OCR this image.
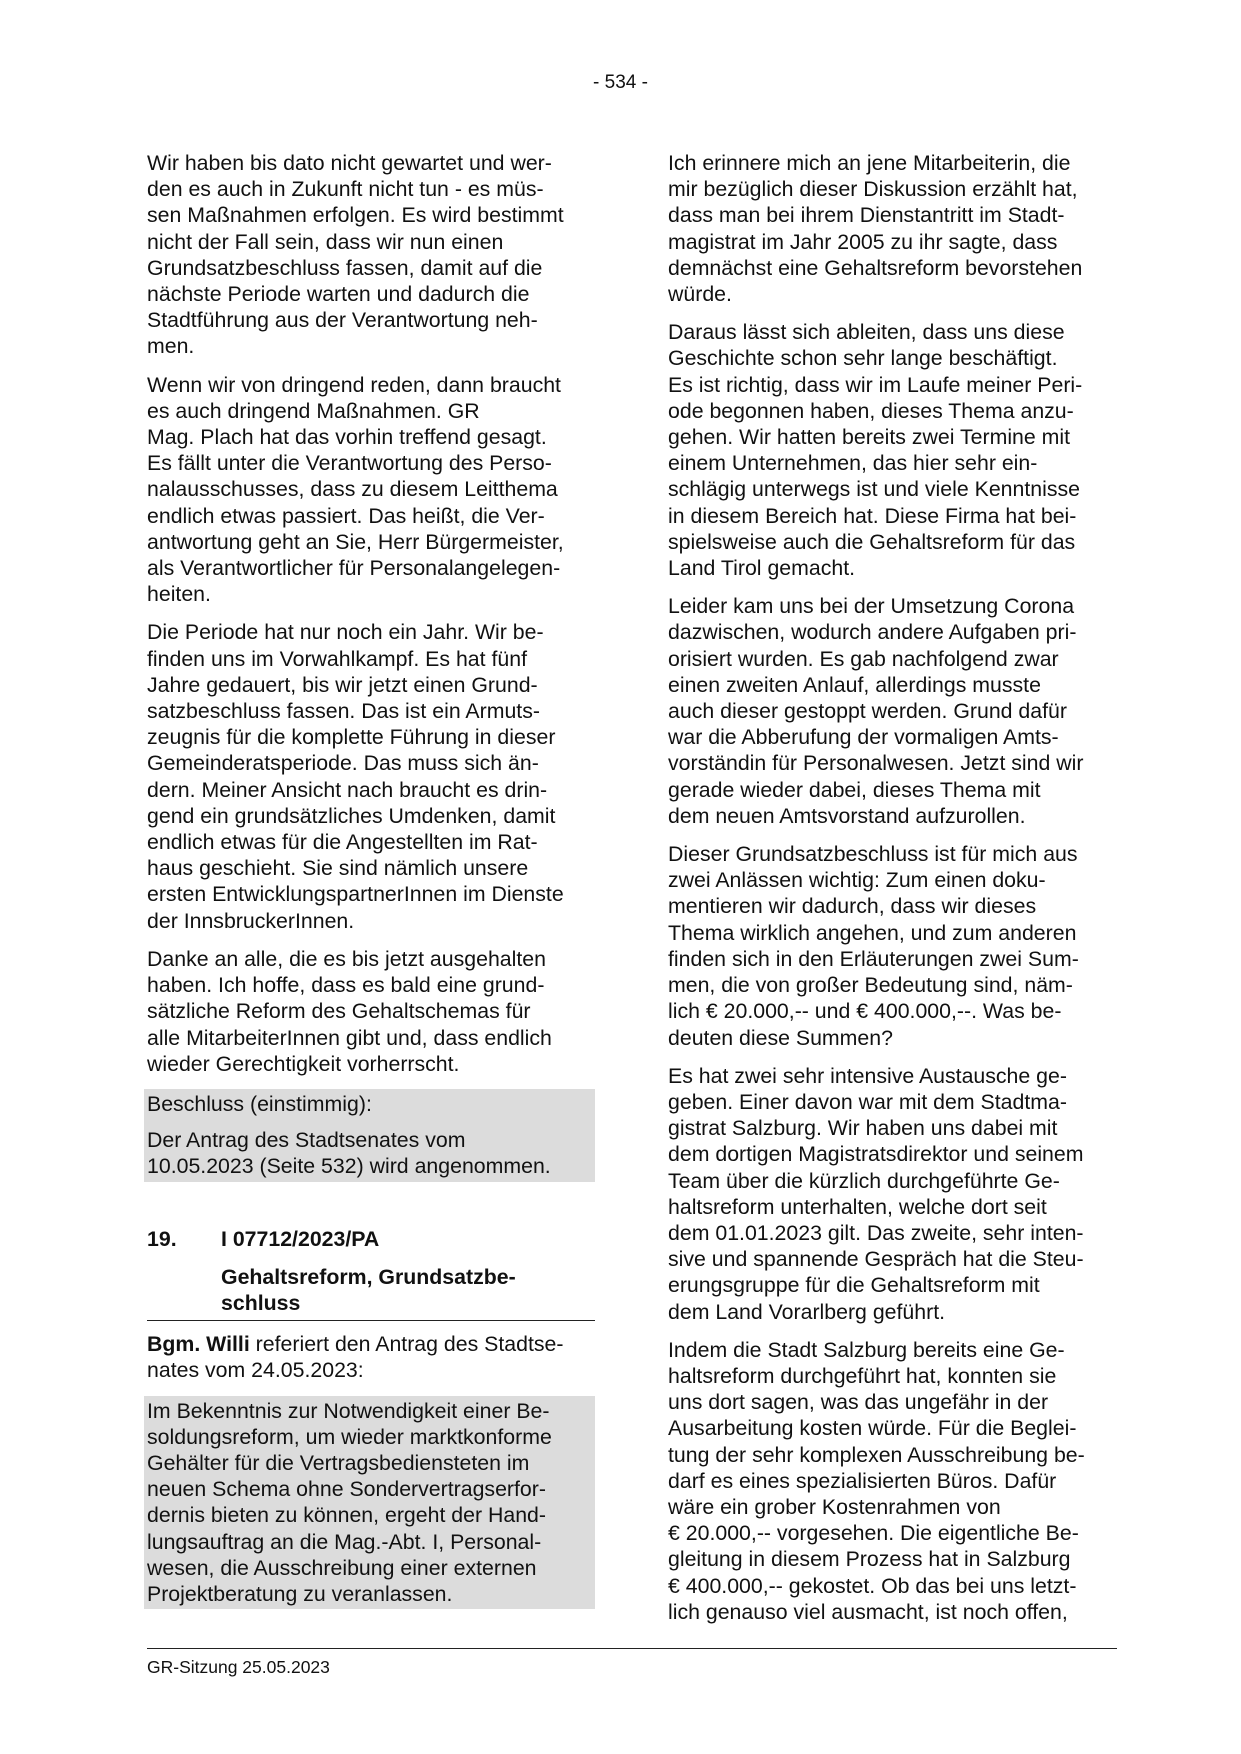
- 534 -

Wir haben bis dato nicht gewartet und wer-
den es auch in Zukunft nicht tun - es müs-
sen Maßnahmen erfolgen. Es wird bestimmt
nicht der Fall sein, dass wir nun einen
Grundsatzbeschluss fassen, damit auf die
nächste Periode warten und dadurch die
Stadtführung aus der Verantwortung neh-
men.

Wenn wir von dringend reden, dann braucht
es auch dringend Maßnahmen. GR
Mag. Plach hat das vorhin treffend gesagt.
Es fällt unter die Verantwortung des Perso-
nalausschusses, dass zu diesem Leitthema
endlich etwas passiert. Das heißt, die Ver-
antwortung geht an Sie, Herr Bürgermeister,
als Verantwortlicher für Personalangelegen-
heiten.

Die Periode hat nur noch ein Jahr. Wir be-
finden uns im Vorwahlkampf. Es hat fünf
Jahre gedauert, bis wir jetzt einen Grund-
satzbeschluss fassen. Das ist ein Armuts-
zeugnis für die komplette Führung in dieser
Gemeinderatsperiode. Das muss sich än-
dern. Meiner Ansicht nach braucht es drin-
gend ein grundsätzliches Umdenken, damit
endlich etwas für die Angestellten im Rat-
haus geschieht. Sie sind nämlich unsere
ersten EntwicklungspartnerInnen im Dienste
der InnsbruckerInnen.

Danke an alle, die es bis jetzt ausgehalten
haben. Ich hoffe, dass es bald eine grund-
sätzliche Reform des Gehaltschemas für
alle MitarbeiterInnen gibt und, dass endlich
wieder Gerechtigkeit vorherrscht.

Beschluss (einstimmig):

Der Antrag des Stadtsenates vom
10.05.2023 (Seite 532) wird angenommen.

19.	I 07712/2023/PA
Gehaltsreform, Grundsatzbe-
schluss

Bgm. Willi referiert den Antrag des Stadtse-
nates vom 24.05.2023:

Im Bekenntnis zur Notwendigkeit einer Be-
soldungsreform, um wieder marktkonforme
Gehälter für die Vertragsbediensteten im
neuen Schema ohne Sondervertragserfor-
dernis bieten zu können, ergeht der Hand-
lungsauftrag an die Mag.-Abt. I, Personal-
wesen, die Ausschreibung einer externen
Projektberatung zu veranlassen.

Ich erinnere mich an jene Mitarbeiterin, die
mir bezüglich dieser Diskussion erzählt hat,
dass man bei ihrem Dienstantritt im Stadt-
magistrat im Jahr 2005 zu ihr sagte, dass
demnächst eine Gehaltsreform bevorstehen
würde.

Daraus lässt sich ableiten, dass uns diese
Geschichte schon sehr lange beschäftigt.
Es ist richtig, dass wir im Laufe meiner Peri-
ode begonnen haben, dieses Thema anzu-
gehen. Wir hatten bereits zwei Termine mit
einem Unternehmen, das hier sehr ein-
schlägig unterwegs ist und viele Kenntnisse
in diesem Bereich hat. Diese Firma hat bei-
spielsweise auch die Gehaltsreform für das
Land Tirol gemacht.

Leider kam uns bei der Umsetzung Corona
dazwischen, wodurch andere Aufgaben pri-
orisiert wurden. Es gab nachfolgend zwar
einen zweiten Anlauf, allerdings musste
auch dieser gestoppt werden. Grund dafür
war die Abberufung der vormaligen Amts-
vorständin für Personalwesen. Jetzt sind wir
gerade wieder dabei, dieses Thema mit
dem neuen Amtsvorstand aufzurollen.

Dieser Grundsatzbeschluss ist für mich aus
zwei Anlässen wichtig: Zum einen doku-
mentieren wir dadurch, dass wir dieses
Thema wirklich angehen, und zum anderen
finden sich in den Erläuterungen zwei Sum-
men, die von großer Bedeutung sind, näm-
lich € 20.000,-- und € 400.000,--. Was be-
deuten diese Summen?

Es hat zwei sehr intensive Austausche ge-
geben. Einer davon war mit dem Stadtma-
gistrat Salzburg. Wir haben uns dabei mit
dem dortigen Magistratsdirektor und seinem
Team über die kürzlich durchgeführte Ge-
haltsreform unterhalten, welche dort seit
dem 01.01.2023 gilt. Das zweite, sehr inten-
sive und spannende Gespräch hat die Steu-
erungsgruppe für die Gehaltsreform mit
dem Land Vorarlberg geführt.

Indem die Stadt Salzburg bereits eine Ge-
haltsreform durchgeführt hat, konnten sie
uns dort sagen, was das ungefähr in der
Ausarbeitung kosten würde. Für die Beglei-
tung der sehr komplexen Ausschreibung be-
darf es eines spezialisierten Büros. Dafür
wäre ein grober Kostenrahmen von
€ 20.000,-- vorgesehen. Die eigentliche Be-
gleitung in diesem Prozess hat in Salzburg
€ 400.000,-- gekostet. Ob das bei uns letzt-
lich genauso viel ausmacht, ist noch offen,

GR-Sitzung 25.05.2023
